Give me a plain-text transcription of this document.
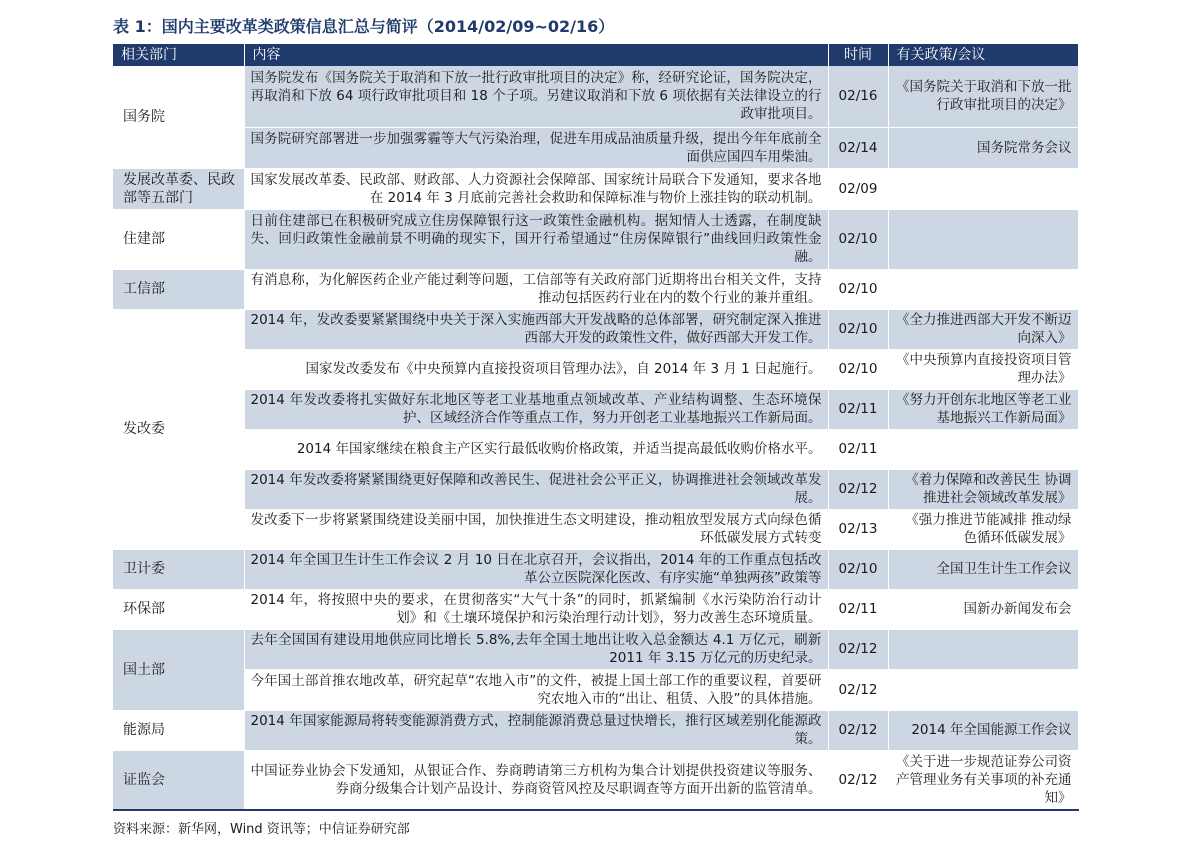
表 1：国内主要改革类政策信息汇总与简评（2014/02/09~02/16）
相关部门	内容	时间	有关政策/会议
国务院	国务院发布《国务院关于取消和下放一批行政审批项目的决定》称，经研究论证，国务院决定，再取消和下放 64 项行政审批项目和 18 个子项。另建议取消和下放 6 项依据有关法律设立的行政审批项目。	02/16	《国务院关于取消和下放一批行政审批项目的决定》
	国务院研究部署进一步加强雾霾等大气污染治理，促进车用成品油质量升级，提出今年年底前全面供应国四车用柴油。	02/14	国务院常务会议
发展改革委、民政部等五部门	国家发展改革委、民政部、财政部、人力资源社会保障部、国家统计局联合下发通知，要求各地在 2014 年 3 月底前完善社会救助和保障标准与物价上涨挂钩的联动机制。	02/09	
住建部	日前住建部已在积极研究成立住房保障银行这一政策性金融机构。据知情人士透露，在制度缺失、回归政策性金融前景不明确的现实下，国开行希望通过“住房保障银行”曲线回归政策性金融。	02/10	
工信部	有消息称，为化解医药企业产能过剩等问题，工信部等有关政府部门近期将出台相关文件，支持推动包括医药行业在内的数个行业的兼并重组。	02/10	
发改委	2014 年，发改委要紧紧围绕中央关于深入实施西部大开发战略的总体部署，研究制定深入推进西部大开发的政策性文件，做好西部大开发工作。	02/10	《全力推进西部大开发不断迈向深入》
	国家发改委发布《中央预算内直接投资项目管理办法》，自 2014 年 3 月 1 日起施行。	02/10	《中央预算内直接投资项目管理办法》
	2014 年发改委将扎实做好东北地区等老工业基地重点领域改革、产业结构调整、生态环境保护、区域经济合作等重点工作，努力开创老工业基地振兴工作新局面。	02/11	《努力开创东北地区等老工业基地振兴工作新局面》
	2014 年国家继续在粮食主产区实行最低收购价格政策，并适当提高最低收购价格水平。	02/11	
	2014 年发改委将紧紧围绕更好保障和改善民生、促进社会公平正义，协调推进社会领域改革发展。	02/12	《着力保障和改善民生 协调推进社会领域改革发展》
	发改委下一步将紧紧围绕建设美丽中国，加快推进生态文明建设，推动粗放型发展方式向绿色循环低碳发展方式转变	02/13	《强力推进节能减排 推动绿色循环低碳发展》
卫计委	2014 年全国卫生计生工作会议 2 月 10 日在北京召开，会议指出，2014 年的工作重点包括改革公立医院深化医改、有序实施“单独两孩”政策等	02/10	全国卫生计生工作会议
环保部	2014 年，将按照中央的要求，在贯彻落实“大气十条”的同时，抓紧编制《水污染防治行动计划》和《土壤环境保护和污染治理行动计划》，努力改善生态环境质量。	02/11	国新办新闻发布会
国土部	去年全国国有建设用地供应同比增长 5.8%,去年全国土地出让收入总金额达 4.1 万亿元，刷新 2011 年 3.15 万亿元的历史纪录。	02/12	
	今年国土部首推农地改革，研究起草“农地入市”的文件，被提上国土部工作的重要议程，首要研究农地入市的“出让、租赁、入股”的具体措施。	02/12	
能源局	2014 年国家能源局将转变能源消费方式，控制能源消费总量过快增长，推行区域差别化能源政策。	02/12	2014 年全国能源工作会议
证监会	中国证券业协会下发通知，从银证合作、券商聘请第三方机构为集合计划提供投资建议等服务、券商分级集合计划产品设计、券商资管风控及尽职调查等方面开出新的监管清单。	02/12	《关于进一步规范证券公司资产管理业务有关事项的补充通知》
资料来源：新华网，Wind 资讯等；中信证券研究部
